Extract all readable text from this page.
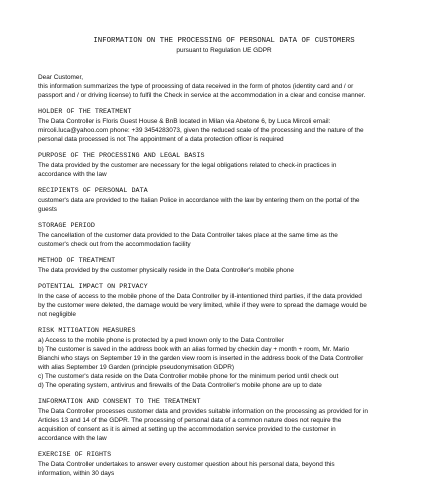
INFORMATION ON THE PROCESSING OF PERSONAL DATA OF CUSTOMERS
pursuant to Regulation UE GDPR
Dear Customer,
this information summarizes the type of processing of data received in the form of photos (identity card and / or
passport and / or driving license) to fulfil the Check in service at the accommodation in a clear and concise manner.
HOLDER OF THE TREATMENT
The Data Controller is Floris Guest House & BnB located in Milan via Abetone 6, by Luca Mircoli email:
mircoli.luca@yahoo.com phone: +39 3454283073, given the reduced scale of the processing and the nature of the
personal data processed is not The appointment of a data protection officer is required
PURPOSE OF THE PROCESSING AND LEGAL BASIS
The data provided by the customer are necessary for the legal obligations related to check-in practices in
accordance with the law
RECIPIENTS OF PERSONAL DATA
customer's data are provided to the Italian Police in accordance with the law by entering them on the portal of the
guests
STORAGE PERIOD
The cancellation of the customer data provided to the Data Controller takes place at the same time as the
customer's check out from the accommodation facility
METHOD OF TREATMENT
The data provided by the customer physically reside in the Data Controller's mobile phone
POTENTIAL IMPACT ON PRIVACY
In the case of access to the mobile phone of the Data Controller by ill-intentioned third parties, if the data provided
by the customer were deleted, the damage would be very limited, while if they were to spread the damage would be
not negligible
RISK MITIGATION MEASURES
a) Access to the mobile phone is protected by a pwd known only to the Data Controller
b) The customer is saved in the address book with an alias formed by checkin day + month + room, Mr. Mario
Bianchi who stays on September 19 in the garden view room is inserted in the address book of the Data Controller
with alias September 19 Garden (principle pseudonymisation GDPR)
c) The customer's data reside on the Data Controller mobile phone for the minimum period until check out
d) The operating system, antivirus and firewalls of the Data Controller's mobile phone are up to date
INFORMATION AND CONSENT TO THE TREATMENT
The Data Controller processes customer data and provides suitable information on the processing as provided for in
Articles 13 and 14 of the GDPR. The processing of personal data of a common nature does not require the
acquisition of consent as it is aimed at setting up the accommodation service provided to the customer in
accordance with the law
EXERCISE OF RIGHTS
The Data Controller undertakes to answer every customer question about his personal data, beyond this
information, within 30 days
